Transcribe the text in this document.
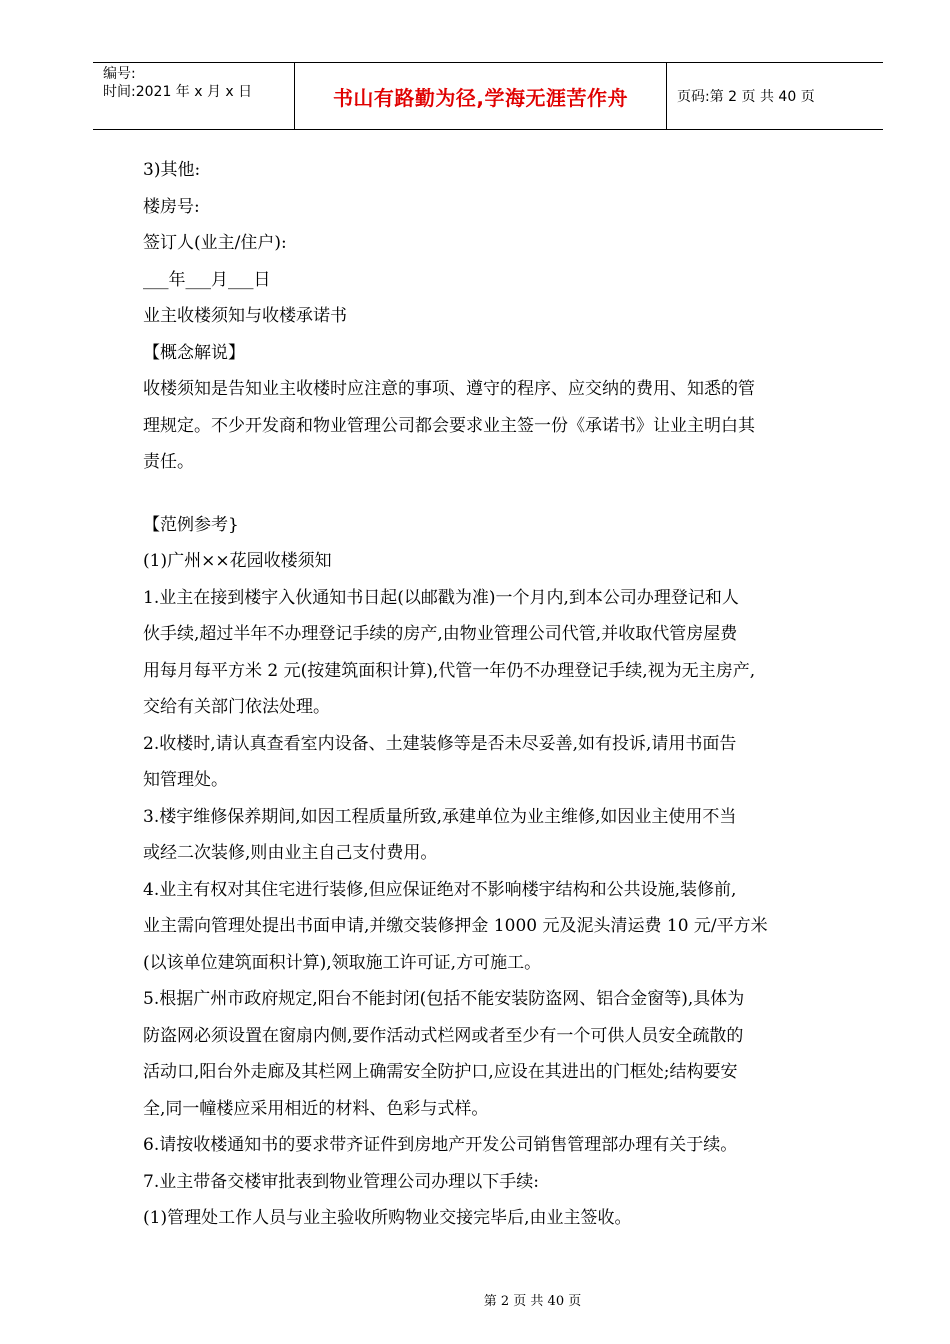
编号:
时间:2021 年 x 月 x 日	书山有路勤为径,学海无涯苦作舟	页码:第 2 页 共 40 页

3)其他:

楼房号:

签订人(业主/住户):

___年___月___日

业主收楼须知与收楼承诺书

【概念解说】

收楼须知是告知业主收楼时应注意的事项、遵守的程序、应交纳的费用、知悉的管

理规定。不少开发商和物业管理公司都会要求业主签一份《承诺书》让业主明白其

责任。

【范例参考}

(1)广州××花园收楼须知

1.业主在接到楼宇入伙通知书日起(以邮戳为准)一个月内,到本公司办理登记和人

伙手续,超过半年不办理登记手续的房产,由物业管理公司代管,并收取代管房屋费

用每月每平方米 2 元(按建筑面积计算),代管一年仍不办理登记手续,视为无主房产,

交给有关部门依法处理。

2.收楼时,请认真查看室内设备、土建装修等是否未尽妥善,如有投诉,请用书面告

知管理处。

3.楼宇维修保养期间,如因工程质量所致,承建单位为业主维修,如因业主使用不当

或经二次装修,则由业主自己支付费用。

4.业主有权对其住宅进行装修,但应保证绝对不影响楼宇结构和公共设施,装修前,

业主需向管理处提出书面申请,并缴交装修押金 1000 元及泥头清运费 10 元/平方米

(以该单位建筑面积计算),领取施工许可证,方可施工。

5.根据广州市政府规定,阳台不能封闭(包括不能安装防盗网、铝合金窗等),具体为

防盗网必须设置在窗扇内侧,要作活动式栏网或者至少有一个可供人员安全疏散的

活动口,阳台外走廊及其栏网上确需安全防护口,应设在其进出的门框处;结构要安

全,同一幢楼应采用相近的材料、色彩与式样。

6.请按收楼通知书的要求带齐证件到房地产开发公司销售管理部办理有关于续。

7.业主带备交楼审批表到物业管理公司办理以下手续:

(1)管理处工作人员与业主验收所购物业交接完毕后,由业主签收。

第 2 页 共 40 页
